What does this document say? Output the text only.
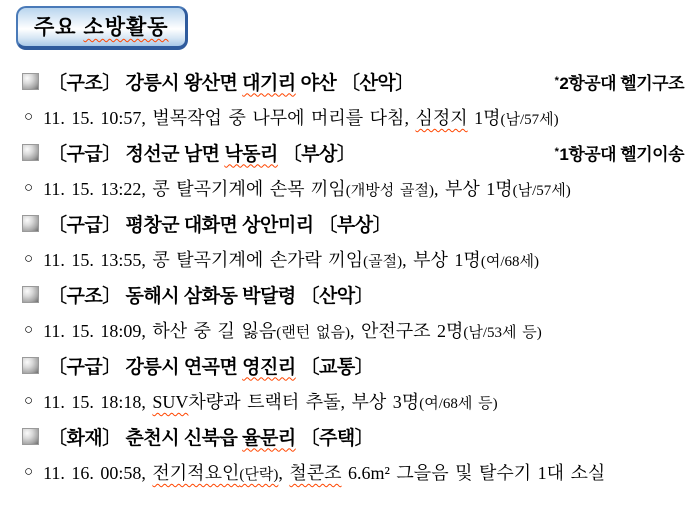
주요 소방활동
〔구조〕 강릉시 왕산면 대기리 야산 〔산악〕	*2항공대 헬기구조
○ 11. 15. 10:57, 벌목작업 중 나무에 머리를 다침, 심정지 1명(남/57세)
〔구급〕 정선군 남면 낙동리 〔부상〕	*1항공대 헬기이송
○ 11. 15. 13:22, 콩 탈곡기계에 손목 끼임(개방성 골절), 부상 1명(남/57세)
〔구급〕 평창군 대화면 상안미리 〔부상〕
○ 11. 15. 13:55, 콩 탈곡기계에 손가락 끼임(골절), 부상 1명(여/68세)
〔구조〕 동해시 삼화동 박달령 〔산악〕
○ 11. 15. 18:09, 하산 중 길 잃음(랜턴 없음), 안전구조 2명(남/53세 등)
〔구급〕 강릉시 연곡면 영진리 〔교통〕
○ 11. 15. 18:18, SUV차량과 트랙터 추돌, 부상 3명(여/68세 등)
〔화재〕 춘천시 신북읍 율문리 〔주택〕
○ 11. 16. 00:58, 전기적요인(단락), 철콘조 6.6m² 그을음 및 탈수기 1대 소실
